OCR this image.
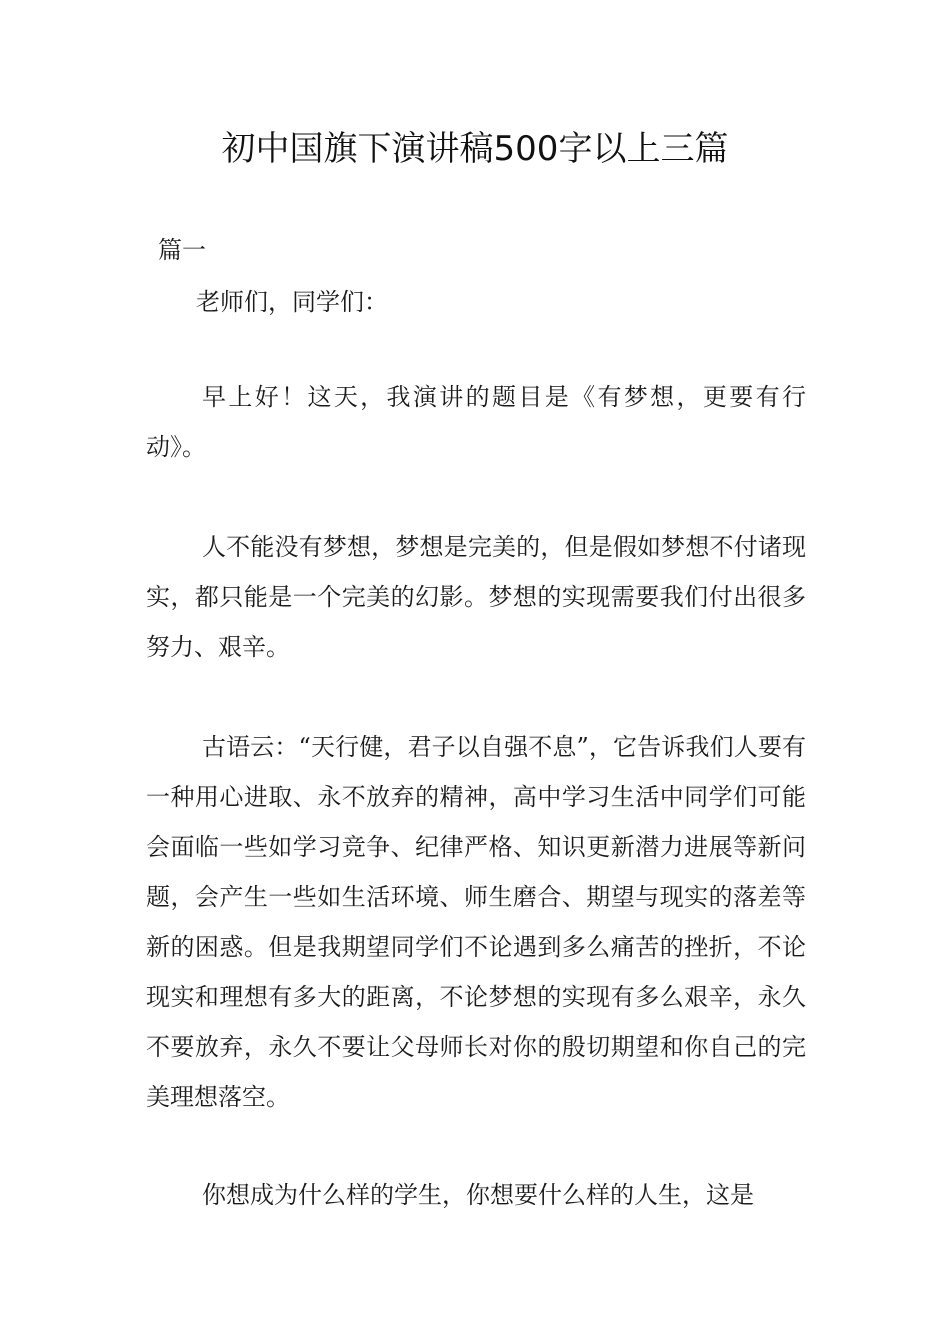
初中国旗下演讲稿500字以上三篇

篇一

老师们，同学们：

早上好！这天，我演讲的题目是《有梦想，更要有行动》。

人不能没有梦想，梦想是完美的，但是假如梦想不付诸现实，都只能是一个完美的幻影。梦想的实现需要我们付出很多努力、艰辛。

古语云：“天行健，君子以自强不息”，它告诉我们人要有一种用心进取、永不放弃的精神，高中学习生活中同学们可能会面临一些如学习竞争、纪律严格、知识更新潜力进展等新问题，会产生一些如生活环境、师生磨合、期望与现实的落差等新的困惑。但是我期望同学们不论遇到多么痛苦的挫折，不论现实和理想有多大的距离，不论梦想的实现有多么艰辛，永久不要放弃，永久不要让父母师长对你的殷切期望和你自己的完美理想落空。

你想成为什么样的学生，你想要什么样的人生，这是
